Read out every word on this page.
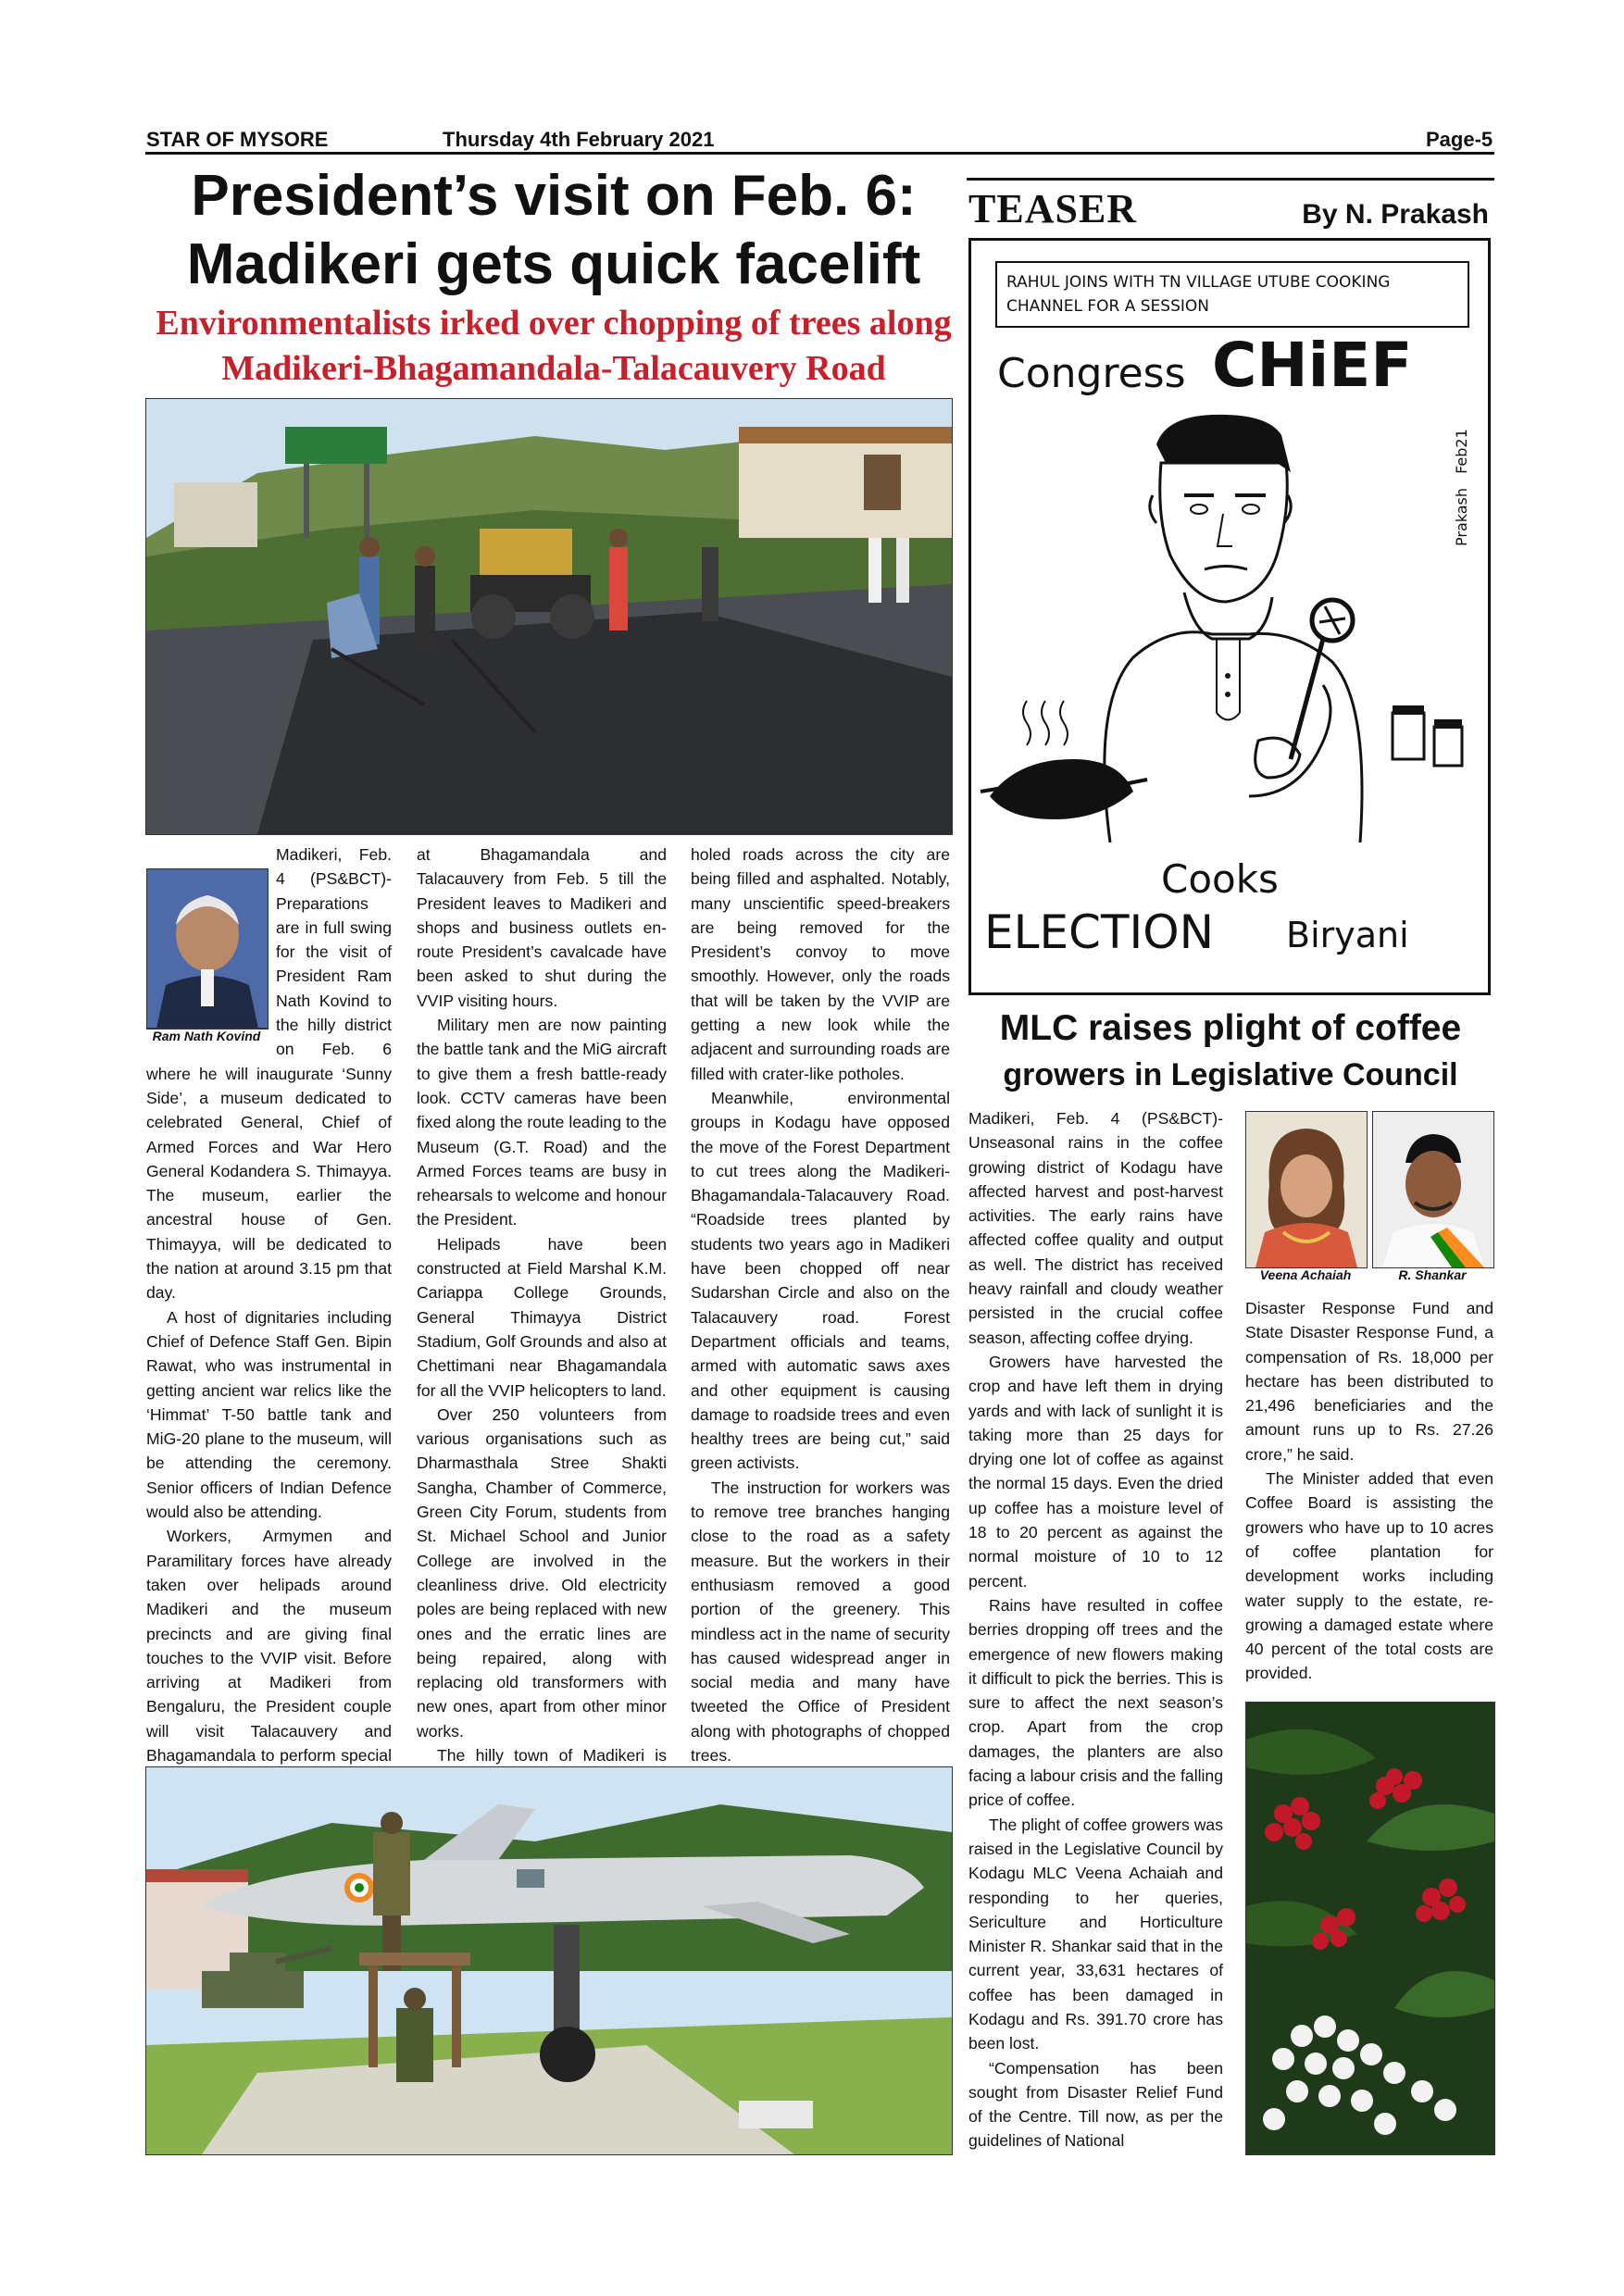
STAR OF MYSORE	Thursday 4th February 2021	Page-5
President’s visit on Feb. 6:
Madikeri gets quick facelift
Environmentalists irked over chopping of trees along
Madikeri-Bhagamandala-Talacauvery Road
Ram Nath Kovind

Madikeri, Feb. 4 (PS&BCT)- Preparations are in full swing for the visit of President Ram Nath Kovind to the hilly district on Feb. 6 where he will inaugurate ‘Sunny Side’, a museum dedicated to celebrated General, Chief of Armed Forces and War Hero General Kodandera S. Thimayya. The museum, earlier the ancestral house of Gen. Thimayya, will be dedicated to the nation at around 3.15 pm that day.

A host of dignitaries including Chief of Defence Staff Gen. Bipin Rawat, who was instrumental in getting ancient war relics like the ‘Himmat’ T-50 battle tank and MiG-20 plane to the museum, will be attending the ceremony. Senior officers of Indian Defence would also be attending.

Workers, Armymen and Paramilitary forces have already taken over helipads around Madikeri and the museum precincts and are giving final touches to the VVIP visit. Before arriving at Madikeri from Bengaluru, the President couple will visit Talacauvery and Bhagamandala to perform special

at Bhagamandala and Talacauvery from Feb. 5 till the President leaves to Madikeri and shops and business outlets en-route President’s cavalcade have been asked to shut during the VVIP visiting hours.

Military men are now painting the battle tank and the MiG aircraft to give them a fresh battle-ready look. CCTV cameras have been fixed along the route leading to the Museum (G.T. Road) and the Armed Forces teams are busy in rehearsals to welcome and honour the President.

Helipads have been constructed at Field Marshal K.M. Cariappa College Grounds, General Thimayya District Stadium, Golf Grounds and also at Chettimani near Bhagamandala for all the VVIP helicopters to land.

Over 250 volunteers from various organisations such as Dharmasthala Stree Shakti Sangha, Chamber of Commerce, Green City Forum, students from St. Michael School and Junior College are involved in the cleanliness drive. Old electricity poles are being replaced with new ones and the erratic lines are being repaired, along with replacing old transformers with new ones, apart from other minor works.

The hilly town of Madikeri is

holed roads across the city are being filled and asphalted. Notably, many unscientific speed-breakers are being removed for the President’s convoy to move smoothly. However, only the roads that will be taken by the VVIP are getting a new look while the adjacent and surrounding roads are filled with crater-like potholes.

Meanwhile, environmental groups in Kodagu have opposed the move of the Forest Department to cut trees along the Madikeri-Bhagamandala-Talacauvery Road. “Roadside trees planted by students two years ago in Madikeri have been chopped off near Sudarshan Circle and also on the Talacauvery road. Forest Department officials and teams, armed with automatic saws axes and other equipment is causing damage to roadside trees and even healthy trees are being cut,” said green activists.

The instruction for workers was to remove tree branches hanging close to the road as a safety measure. But the workers in their enthusiasm removed a good portion of the greenery. This mindless act in the name of security has caused widespread anger in social media and many have tweeted the Office of President along with photographs of chopped trees.

TEASER	By N. Prakash
RAHUL JOINS WITH TN VILLAGE UTUBE COOKING
CHANNEL FOR A SESSION
Congress CHiEF
Prakash Feb21
Cooks
ELECTION Biryani
MLC raises plight of coffee
growers in Legislative Council

Madikeri, Feb. 4 (PS&BCT)- Unseasonal rains in the coffee growing district of Kodagu have affected harvest and post-harvest activities. The early rains have affected coffee quality and output as well. The district has received heavy rainfall and cloudy weather persisted in the crucial coffee season, affecting coffee drying.

Growers have harvested the crop and have left them in drying yards and with lack of sunlight it is taking more than 25 days for drying one lot of coffee as against the normal 15 days. Even the dried up coffee has a moisture level of 18 to 20 percent as against the normal moisture of 10 to 12 percent.

Rains have resulted in coffee berries dropping off trees and the emergence of new flowers making it difficult to pick the berries. This is sure to affect the next season’s crop. Apart from the crop damages, the planters are also facing a labour crisis and the falling price of coffee.

The plight of coffee growers was raised in the Legislative Council by Kodagu MLC Veena Achaiah and responding to her queries, Sericulture and Horticulture Minister R. Shankar said that in the current year, 33,631 hectares of coffee has been damaged in Kodagu and Rs. 391.70 crore has been lost.

“Compensation has been sought from Disaster Relief Fund of the Centre. Till now, as per the guidelines of National

Veena Achaiah	R. Shankar

Disaster Response Fund and State Disaster Response Fund, a compensation of Rs. 18,000 per hectare has been distributed to 21,496 beneficiaries and the amount runs up to Rs. 27.26 crore,” he said.

The Minister added that even Coffee Board is assisting the growers who have up to 10 acres of coffee plantation for development works including water supply to the estate, re-growing a damaged estate where 40 percent of the total costs are provided.
